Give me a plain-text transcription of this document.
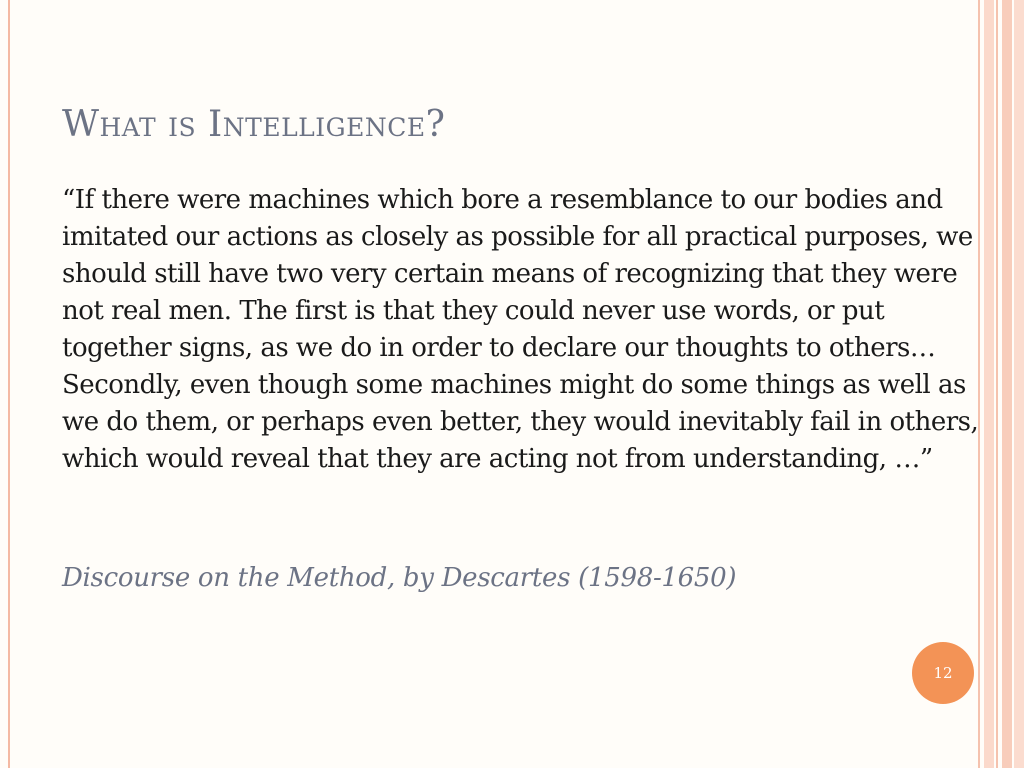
What is Intelligence?

“If there were machines which bore a resemblance to our bodies and imitated our actions as closely as possible for all practical purposes, we should still have two very certain means of recognizing that they were not real men. The first is that they could never use words, or put together signs, as we do in order to declare our thoughts to others… Secondly, even though some machines might do some things as well as we do them, or perhaps even better, they would inevitably fail in others, which would reveal that they are acting not from understanding, …”

Discourse on the Method, by Descartes (1598-1650)

12
